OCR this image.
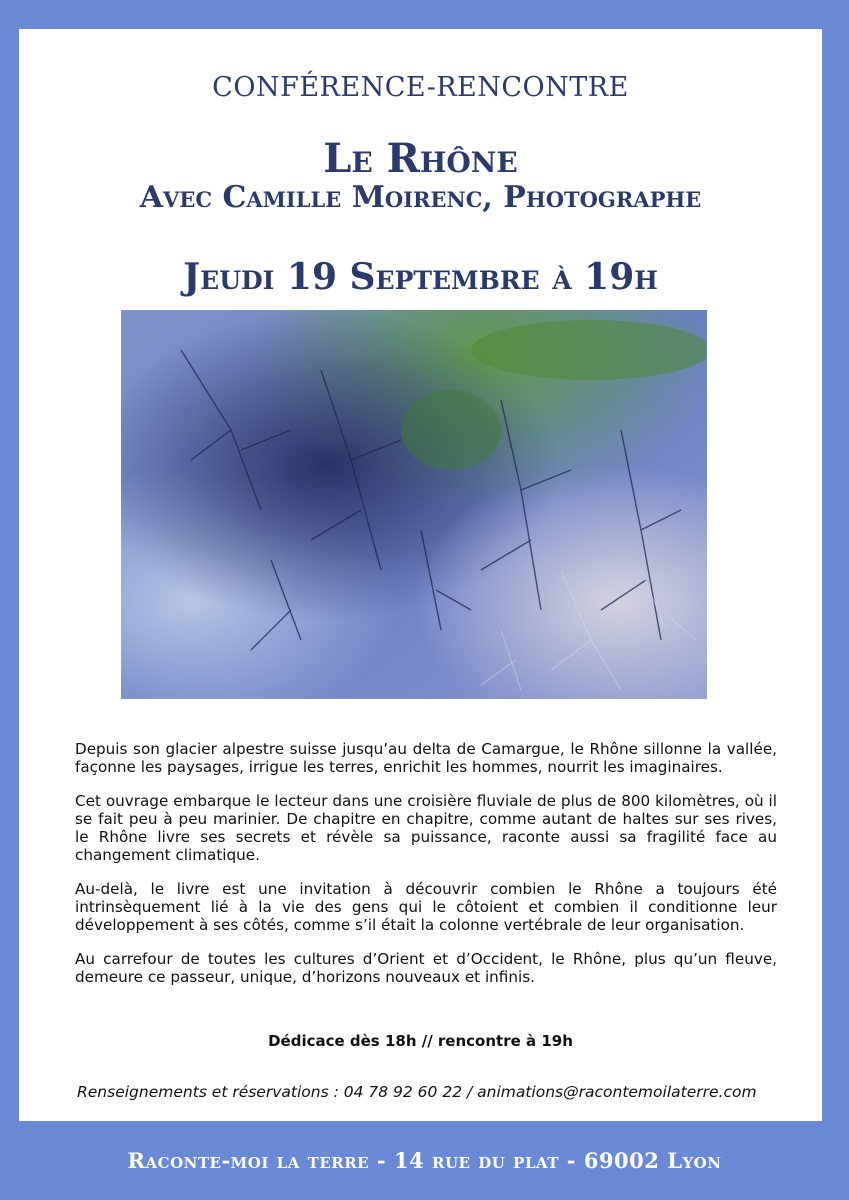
CONFÉRENCE-RENCONTRE
Le Rhône
Avec Camille Moirenc, Photographe
Jeudi 19 Septembre à 19h

Depuis son glacier alpestre suisse jusqu’au delta de Camargue, le Rhône sillonne la vallée, façonne les paysages, irrigue les terres, enrichit les hommes, nourrit les imaginaires.

Cet ouvrage embarque le lecteur dans une croisière fluviale de plus de 800 kilomètres, où il se fait peu à peu marinier. De chapitre en chapitre, comme autant de haltes sur ses rives, le Rhône livre ses secrets et révèle sa puissance, raconte aussi sa fragilité face au changement climatique.

Au-delà, le livre est une invitation à découvrir combien le Rhône a toujours été intrinsèquement lié à la vie des gens qui le côtoient et combien il conditionne leur développement à ses côtés, comme s’il était la colonne vertébrale de leur organisation.

Au carrefour de toutes les cultures d’Orient et d’Occident, le Rhône, plus qu’un fleuve, demeure ce passeur, unique, d’horizons nouveaux et infinis.

Dédicace dès 18h // rencontre à 19h
Renseignements et réservations : 04 78 92 60 22 / animations@racontemoilaterre.com
Raconte-moi la terre - 14 rue du plat - 69002 Lyon
